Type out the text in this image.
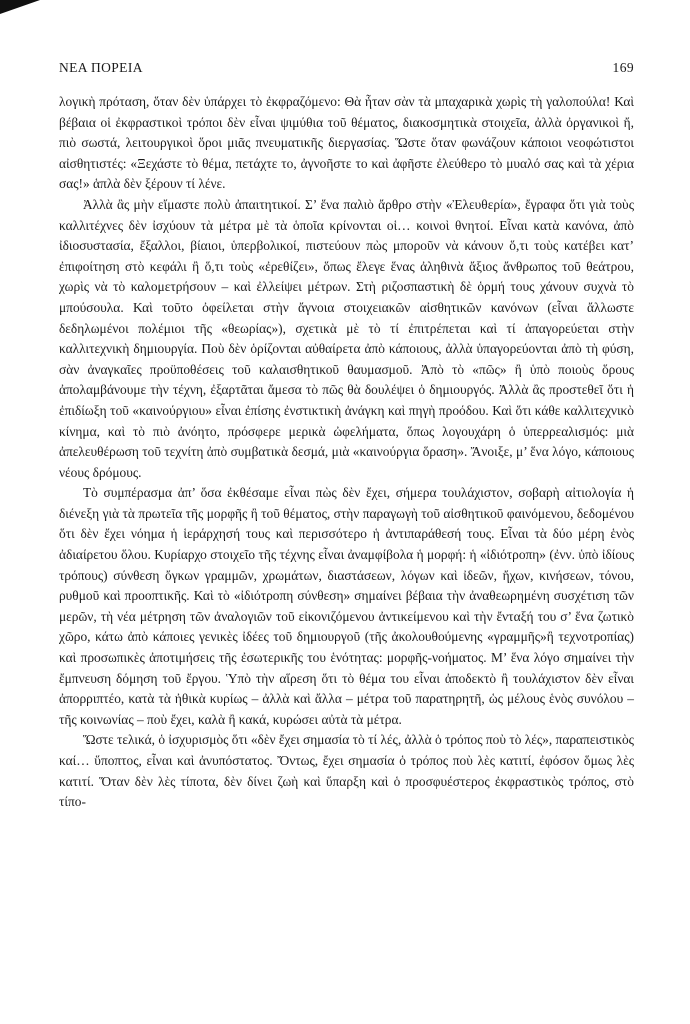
ΝΕΑ ΠΟΡΕΙΑ	169

λογικὴ πρόταση, ὅταν δὲν ὑπάρχει τὸ ἐκφραζόμενο: Θὰ ἦταν σὰν τὰ μπαχαρικὰ χωρὶς τὴ γαλοπούλα! Καὶ βέβαια οἱ ἐκφραστικοὶ τρόποι δὲν εἶναι ψιμύθια τοῦ θέματος, διακοσμητικὰ στοιχεῖα, ἀλλὰ ὀργανικοὶ ἤ, πιὸ σωστά, λειτουργικοὶ ὅροι μιᾶς πνευματικῆς διεργασίας. Ὥστε ὅταν φωνάζουν κάποιοι νεοφώτιστοι αἰσθητιστές: «Ξεχάστε τὸ θέμα, πετάχτε το, ἀγνοῆστε το καὶ ἀφῆστε ἐλεύθερο τὸ μυαλό σας καὶ τὰ χέρια σας!» ἁπλὰ δὲν ξέρουν τί λένε.

Ἀλλὰ ἂς μὴν εἴμαστε πολὺ ἀπαιτητικοί. Σ’ ἕνα παλιὸ ἄρθρο στὴν «Ἐλευθερία», ἔγραφα ὅτι γιὰ τοὺς καλλιτέχνες δὲν ἰσχύουν τὰ μέτρα μὲ τὰ ὁποῖα κρίνονται οἱ… κοινοὶ θνητοί. Εἶναι κατὰ κανόνα, ἀπὸ ἰδιοσυστασία, ἔξαλλοι, βίαιοι, ὑπερβολικοί, πιστεύουν πὼς μποροῦν νὰ κάνουν ὅ,τι τοὺς κατέβει κατ’ ἐπιφοίτηση στὸ κεφάλι ἢ ὅ,τι τοὺς «ἐρεθίζει», ὅπως ἔλεγε ἕνας ἀληθινὰ ἄξιος ἄνθρωπος τοῦ θεάτρου, χωρὶς νὰ τὸ καλομετρήσουν – καὶ ἐλλείψει μέτρων. Στὴ ριζοσπαστικὴ δὲ ὁρμή τους χάνουν συχνὰ τὸ μπούσουλα. Καὶ τοῦτο ὀφείλεται στὴν ἄγνοια στοιχειακῶν αἰσθητικῶν κανόνων (εἶναι ἄλλωστε δεδηλωμένοι πολέμιοι τῆς «θεωρίας»), σχετικὰ μὲ τὸ τί ἐπιτρέπεται καὶ τί ἀπαγορεύεται στὴν καλλιτεχνικὴ δημιουργία. Ποὺ δὲν ὁρίζονται αὐθαίρετα ἀπὸ κάποιους, ἀλλὰ ὑπαγορεύονται ἀπὸ τὴ φύση, σὰν ἀναγκαῖες προϋποθέσεις τοῦ καλαισθητικοῦ θαυμασμοῦ. Ἀπὸ τὸ «πῶς» ἢ ὑπὸ ποιοὺς ὅρους ἀπολαμβάνουμε τὴν τέχνη, ἐξαρτᾶται ἄμεσα τὸ πῶς θὰ δουλέψει ὁ δημιουργός. Ἀλλὰ ἂς προστεθεῖ ὅτι ἡ ἐπιδίωξη τοῦ «καινούργιου» εἶναι ἐπίσης ἐνστικτικὴ ἀνάγκη καὶ πηγὴ προόδου. Καὶ ὅτι κάθε καλλιτεχνικὸ κίνημα, καὶ τὸ πιὸ ἀνόητο, πρόσφερε μερικὰ ὠφελήματα, ὅπως λογουχάρη ὁ ὑπερρεαλισμός: μιὰ ἀπελευθέρωση τοῦ τεχνίτη ἀπὸ συμβατικὰ δεσμά, μιὰ «καινούργια ὅραση». Ἄνοιξε, μ’ ἕνα λόγο, κάποιους νέους δρόμους.

Τὸ συμπέρασμα ἀπ’ ὅσα ἐκθέσαμε εἶναι πὼς δὲν ἔχει, σήμερα τουλάχιστον, σοβαρὴ αἰτιολογία ἡ διένεξη γιὰ τὰ πρωτεῖα τῆς μορφῆς ἢ τοῦ θέματος, στὴν παραγωγὴ τοῦ αἰσθητικοῦ φαινόμενου, δεδομένου ὅτι δὲν ἔχει νόημα ἡ ἱεράρχησή τους καὶ περισσότερο ἡ ἀντιπαράθεσή τους. Εἶναι τὰ δύο μέρη ἑνὸς ἀδιαίρετου ὅλου. Κυρίαρχο στοιχεῖο τῆς τέχνης εἶναι ἀναμφίβολα ἡ μορφή: ἡ «ἰδιότροπη» (ἐνν. ὑπὸ ἰδίους τρόπους) σύνθεση ὄγκων γραμμῶν, χρωμάτων, διαστάσεων, λόγων καὶ ἰδεῶν, ἤχων, κινήσεων, τόνου, ρυθμοῦ καὶ προοπτικῆς. Καὶ τὸ «ἰδιότροπη σύνθεση» σημαίνει βέβαια τὴν ἀναθεωρημένη συσχέτιση τῶν μερῶν, τὴ νέα μέτρηση τῶν ἀναλογιῶν τοῦ εἰκονιζόμενου ἀντικείμενου καὶ τὴν ἔνταξή του σ’ ἕνα ζωτικὸ χῶρο, κάτω ἀπὸ κάποιες γενικὲς ἰδέες τοῦ δημιουργοῦ (τῆς ἀκολουθούμενης «γραμμῆς»ἢ τεχνοτροπίας) καὶ προσωπικὲς ἀποτιμήσεις τῆς ἐσωτερικῆς του ἑνότητας: μορφῆς-νοήματος. Μ’ ἕνα λόγο σημαίνει τὴν ἔμπνευση δόμηση τοῦ ἔργου. Ὑπὸ τὴν αἵρεση ὅτι τὸ θέμα του εἶναι ἀποδεκτὸ ἢ τουλάχιστον δὲν εἶναι ἀπορριπτέο, κατὰ τὰ ἠθικὰ κυρίως – ἀλλὰ καὶ ἄλλα – μέτρα τοῦ παρατηρητῆ, ὡς μέλους ἑνὸς συνόλου – τῆς κοινωνίας – ποὺ ἔχει, καλὰ ἢ κακά, κυρώσει αὐτὰ τὰ μέτρα.

Ὥστε τελικά, ὁ ἰσχυρισμὸς ὅτι «δὲν ἔχει σημασία τὸ τί λές, ἀλλὰ ὁ τρόπος ποὺ τὸ λές», παραπειστικὸς καί… ὕποπτος, εἶναι καὶ ἀνυπόστατος. Ὄντως, ἔχει σημασία ὁ τρόπος ποὺ λὲς κατιτί, ἐφόσον ὅμως λὲς κατιτί. Ὅταν δὲν λὲς τίποτα, δὲν δίνει ζωὴ καὶ ὕπαρξη καὶ ὁ προσφυέστερος ἐκφραστικὸς τρόπος, στὸ τίπο-
